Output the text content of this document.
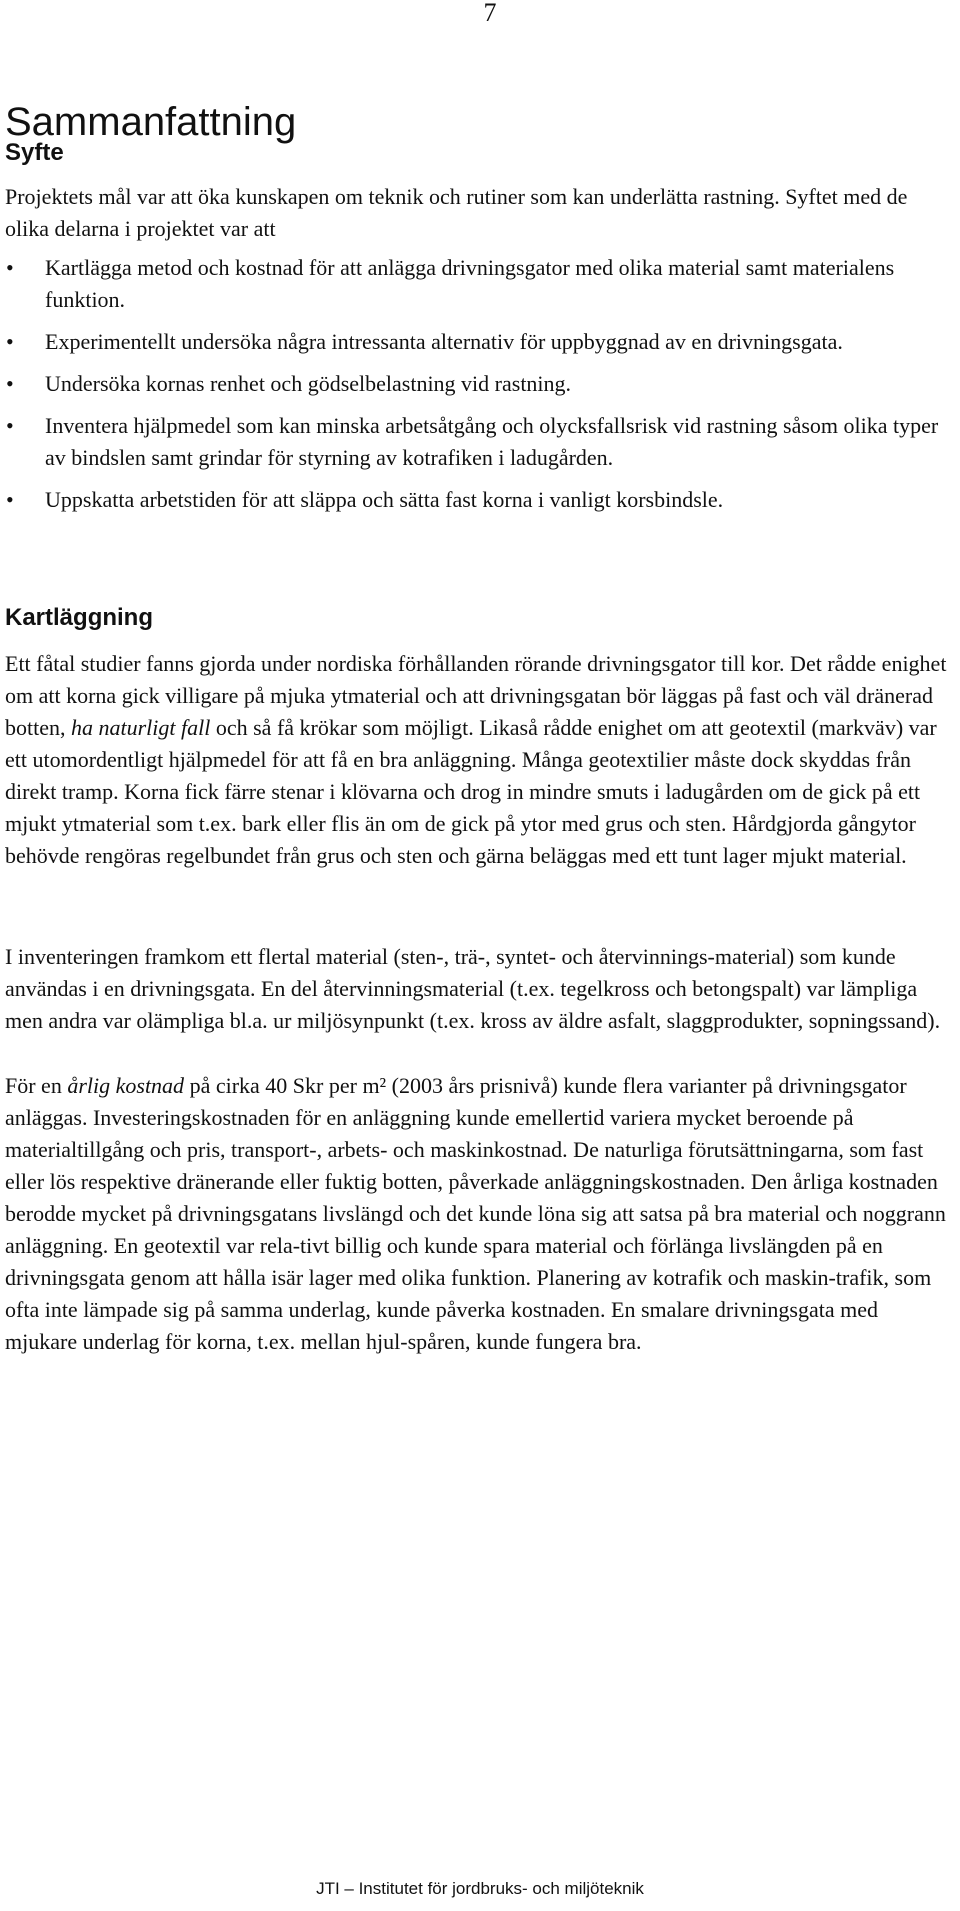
7
Sammanfattning
Syfte

Projektets mål var att öka kunskapen om teknik och rutiner som kan underlätta rastning. Syftet med de olika delarna i projektet var att

• Kartlägga metod och kostnad för att anlägga drivningsgator med olika material samt materialens funktion.
• Experimentellt undersöka några intressanta alternativ för uppbyggnad av en drivningsgata.
• Undersöka kornas renhet och gödselbelastning vid rastning.
• Inventera hjälpmedel som kan minska arbetsåtgång och olycksfallsrisk vid rastning såsom olika typer av bindslen samt grindar för styrning av kotrafiken i ladugården.
• Uppskatta arbetstiden för att släppa och sätta fast korna i vanligt korsbindsle.
Kartläggning

Ett fåtal studier fanns gjorda under nordiska förhållanden rörande drivningsgator till kor. Det rådde enighet om att korna gick villigare på mjuka ytmaterial och att drivningsgatan bör läggas på fast och väl dränerad botten, ha naturligt fall och så få krökar som möjligt. Likaså rådde enighet om att geotextil (markväv) var ett utomordentligt hjälpmedel för att få en bra anläggning. Många geotextilier måste dock skyddas från direkt tramp. Korna fick färre stenar i klövarna och drog in mindre smuts i ladugården om de gick på ett mjukt ytmaterial som t.ex. bark eller flis än om de gick på ytor med grus och sten. Hårdgjorda gångytor behövde rengöras regelbundet från grus och sten och gärna beläggas med ett tunt lager mjukt material.

I inventeringen framkom ett flertal material (sten-, trä-, syntet- och återvinnings-material) som kunde användas i en drivningsgata. En del återvinningsmaterial (t.ex. tegelkross och betongspalt) var lämpliga men andra var olämpliga bl.a. ur miljösynpunkt (t.ex. kross av äldre asfalt, slaggprodukter, sopningssand).

För en årlig kostnad på cirka 40 Skr per m² (2003 års prisnivå) kunde flera varianter på drivningsgator anläggas. Investeringskostnaden för en anläggning kunde emellertid variera mycket beroende på materialtillgång och pris, transport-, arbets- och maskinkostnad. De naturliga förutsättningarna, som fast eller lös respektive dränerande eller fuktig botten, påverkade anläggningskostnaden. Den årliga kostnaden berodde mycket på drivningsgatans livslängd och det kunde löna sig att satsa på bra material och noggrann anläggning. En geotextil var rela-tivt billig och kunde spara material och förlänga livslängden på en drivningsgata genom att hålla isär lager med olika funktion. Planering av kotrafik och maskin-trafik, som ofta inte lämpade sig på samma underlag, kunde påverka kostnaden. En smalare drivningsgata med mjukare underlag för korna, t.ex. mellan hjul-spåren, kunde fungera bra.

JTI – Institutet för jordbruks- och miljöteknik
